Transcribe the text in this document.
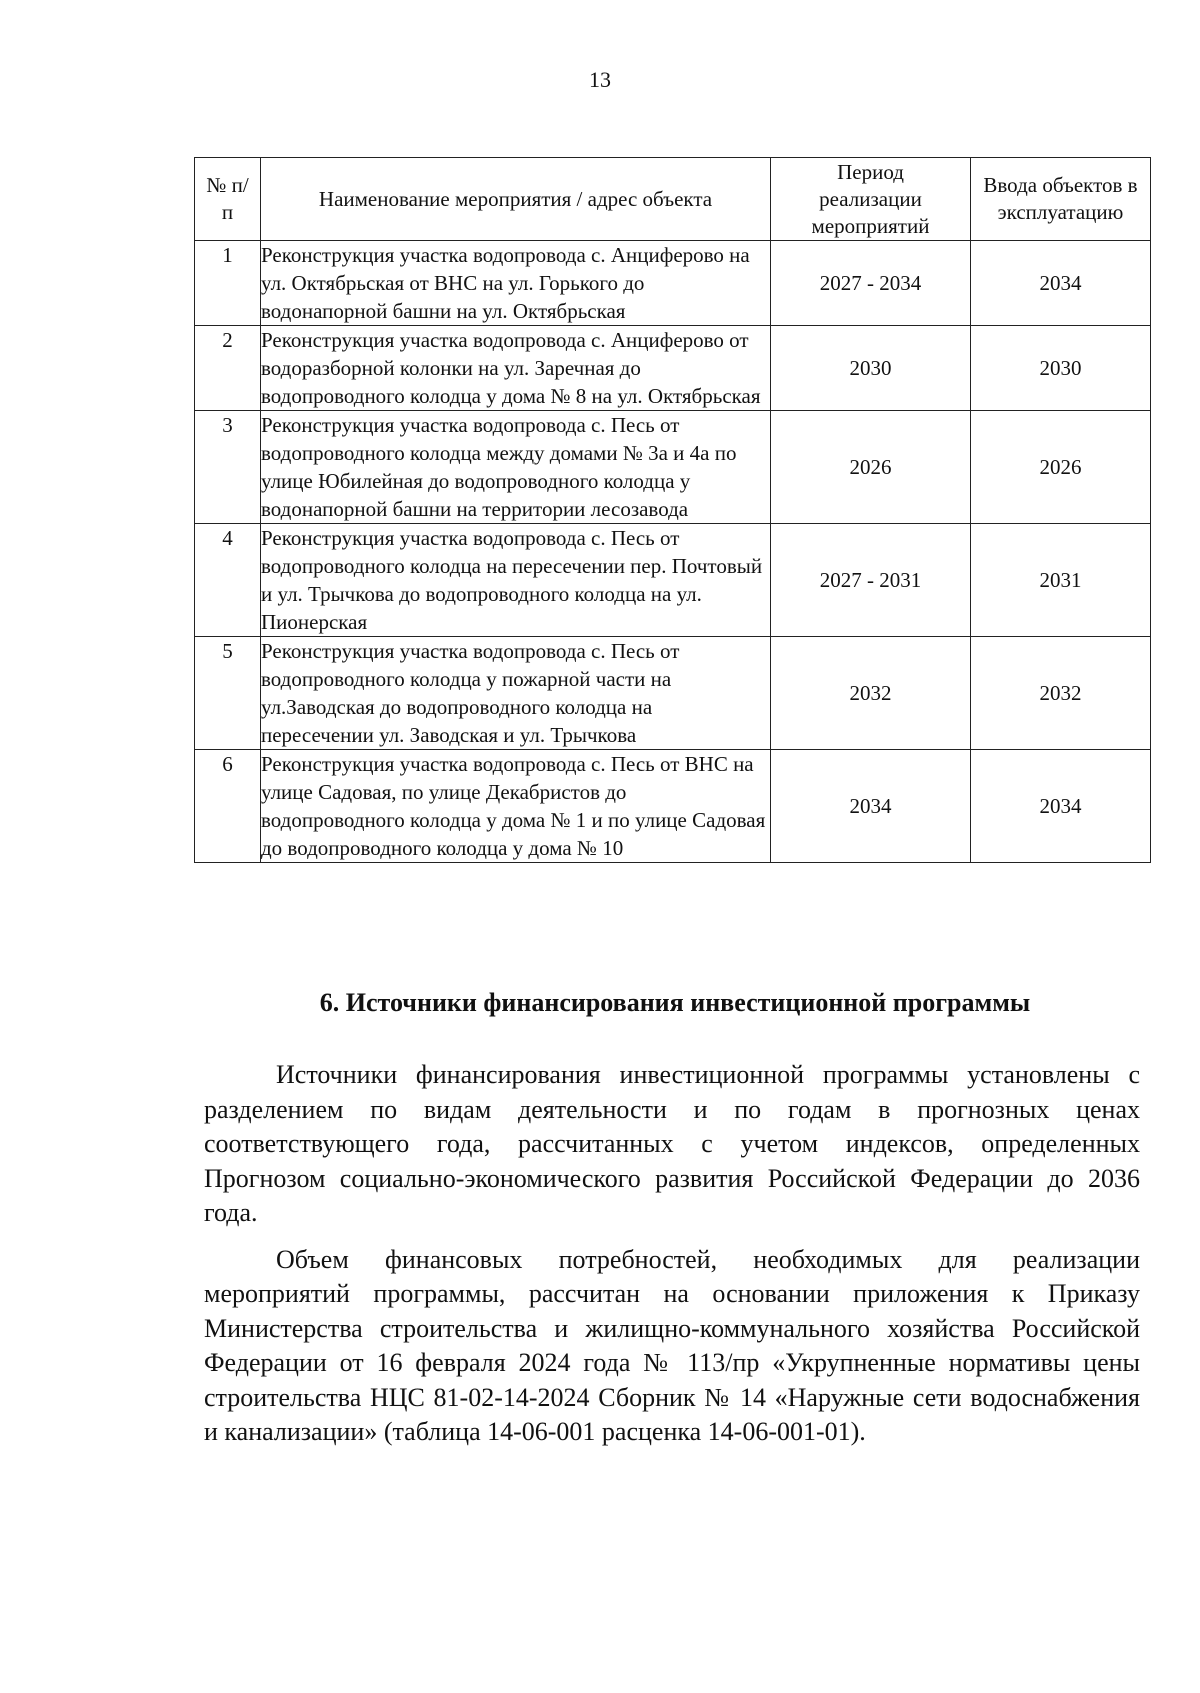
13
№ п/п	Наименование мероприятия / адрес объекта	Период реализации мероприятий	Ввода объектов в эксплуатацию
1	Реконструкция участка водопровода с. Анциферово на ул. Октябрьская от ВНС на ул. Горького до водонапорной башни на ул. Октябрьская	2027 - 2034	2034
2	Реконструкция участка водопровода с. Анциферово от водоразборной колонки на ул. Заречная до водопроводного колодца у дома № 8 на ул. Октябрьская	2030	2030
3	Реконструкция участка водопровода с. Песь от водопроводного колодца между домами № 3а и 4а по улице Юбилейная до водопроводного колодца у водонапорной башни на территории лесозавода	2026	2026
4	Реконструкция участка водопровода с. Песь от водопроводного колодца на пересечении пер. Почтовый и ул. Трычкова до водопроводного колодца на ул. Пионерская	2027 - 2031	2031
5	Реконструкция участка водопровода с. Песь от водопроводного колодца у пожарной части на ул.Заводская до водопроводного колодца на пересечении ул. Заводская и ул. Трычкова	2032	2032
6	Реконструкция участка водопровода с. Песь от ВНС на улице Садовая, по улице Декабристов до водопроводного колодца у дома № 1 и по улице Садовая до водопроводного колодца у дома № 10	2034	2034
6. Источники финансирования инвестиционной программы

Источники финансирования инвестиционной программы установлены с разделением по видам деятельности и по годам в прогнозных ценах соответствующего года, рассчитанных с учетом индексов, определенных Прогнозом социально-экономического развития Российской Федерации до 2036 года.

Объем финансовых потребностей, необходимых для реализации мероприятий программы, рассчитан на основании приложения к Приказу Министерства строительства и жилищно-коммунального хозяйства Российской Федерации от 16 февраля 2024 года № 113/пр «Укрупненные нормативы цены строительства НЦС 81-02-14-2024 Сборник № 14 «Наружные сети водоснабжения и канализации» (таблица 14-06-001 расценка 14-06-001-01).
